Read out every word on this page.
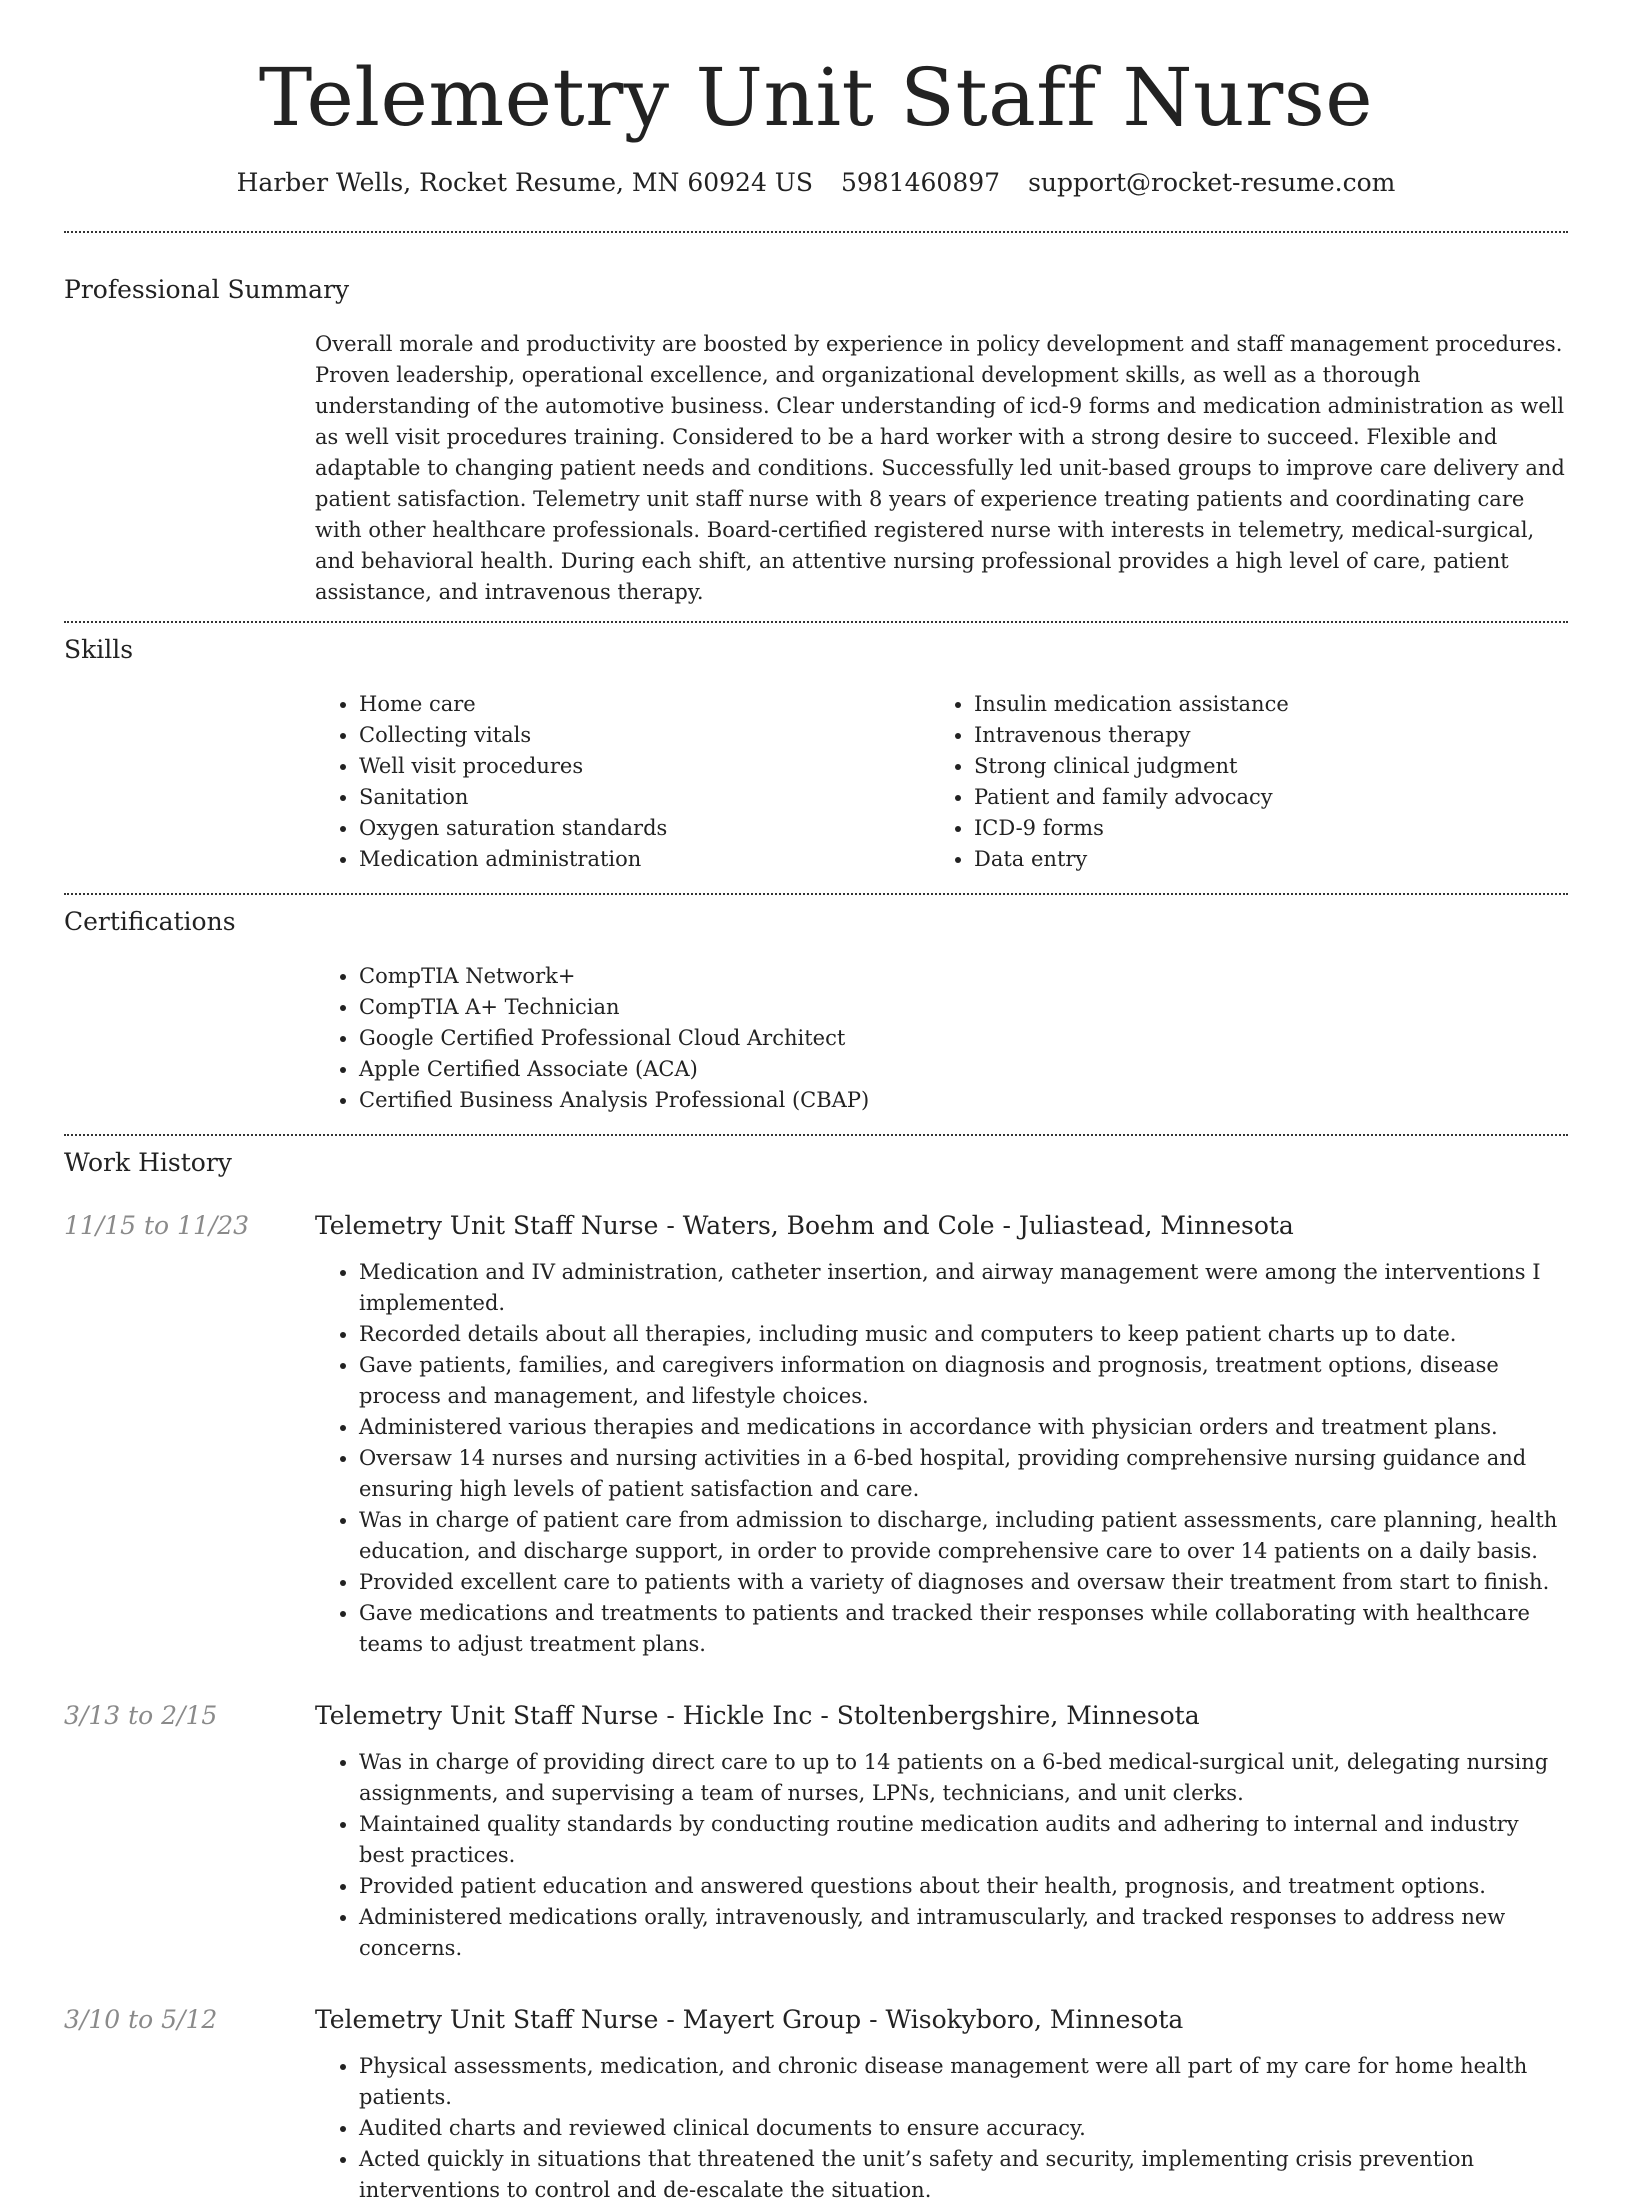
Telemetry Unit Staff Nurse
Harber Wells, Rocket Resume, MN 60924 US 5981460897 support@rocket-resume.com
Professional Summary

Overall morale and productivity are boosted by experience in policy development and staff management procedures. Proven leadership, operational excellence, and organizational development skills, as well as a thorough understanding of the automotive business. Clear understanding of icd-9 forms and medication administration as well as well visit procedures training. Considered to be a hard worker with a strong desire to succeed. Flexible and adaptable to changing patient needs and conditions. Successfully led unit-based groups to improve care delivery and patient satisfaction. Telemetry unit staff nurse with 8 years of experience treating patients and coordinating care with other healthcare professionals. Board-certified registered nurse with interests in telemetry, medical-surgical, and behavioral health. During each shift, an attentive nursing professional provides a high level of care, patient assistance, and intravenous therapy.

Skills
• Home care
• Collecting vitals
• Well visit procedures
• Sanitation
• Oxygen saturation standards
• Medication administration
• Insulin medication assistance
• Intravenous therapy
• Strong clinical judgment
• Patient and family advocacy
• ICD-9 forms
• Data entry
Certifications
• CompTIA Network+
• CompTIA A+ Technician
• Google Certified Professional Cloud Architect
• Apple Certified Associate (ACA)
• Certified Business Analysis Professional (CBAP)
Work History
11/15 to 11/23	Telemetry Unit Staff Nurse - Waters, Boehm and Cole - Juliastead, Minnesota
• Medication and IV administration, catheter insertion, and airway management were among the interventions I implemented.
• Recorded details about all therapies, including music and computers to keep patient charts up to date.
• Gave patients, families, and caregivers information on diagnosis and prognosis, treatment options, disease process and management, and lifestyle choices.
• Administered various therapies and medications in accordance with physician orders and treatment plans.
• Oversaw 14 nurses and nursing activities in a 6-bed hospital, providing comprehensive nursing guidance and ensuring high levels of patient satisfaction and care.
• Was in charge of patient care from admission to discharge, including patient assessments, care planning, health education, and discharge support, in order to provide comprehensive care to over 14 patients on a daily basis.
• Provided excellent care to patients with a variety of diagnoses and oversaw their treatment from start to finish.
• Gave medications and treatments to patients and tracked their responses while collaborating with healthcare teams to adjust treatment plans.
3/13 to 2/15	Telemetry Unit Staff Nurse - Hickle Inc - Stoltenbergshire, Minnesota
• Was in charge of providing direct care to up to 14 patients on a 6-bed medical-surgical unit, delegating nursing assignments, and supervising a team of nurses, LPNs, technicians, and unit clerks.
• Maintained quality standards by conducting routine medication audits and adhering to internal and industry best practices.
• Provided patient education and answered questions about their health, prognosis, and treatment options.
• Administered medications orally, intravenously, and intramuscularly, and tracked responses to address new concerns.
3/10 to 5/12	Telemetry Unit Staff Nurse - Mayert Group - Wisokyboro, Minnesota
• Physical assessments, medication, and chronic disease management were all part of my care for home health patients.
• Audited charts and reviewed clinical documents to ensure accuracy.
• Acted quickly in situations that threatened the unit’s safety and security, implementing crisis prevention interventions to control and de-escalate the situation.
